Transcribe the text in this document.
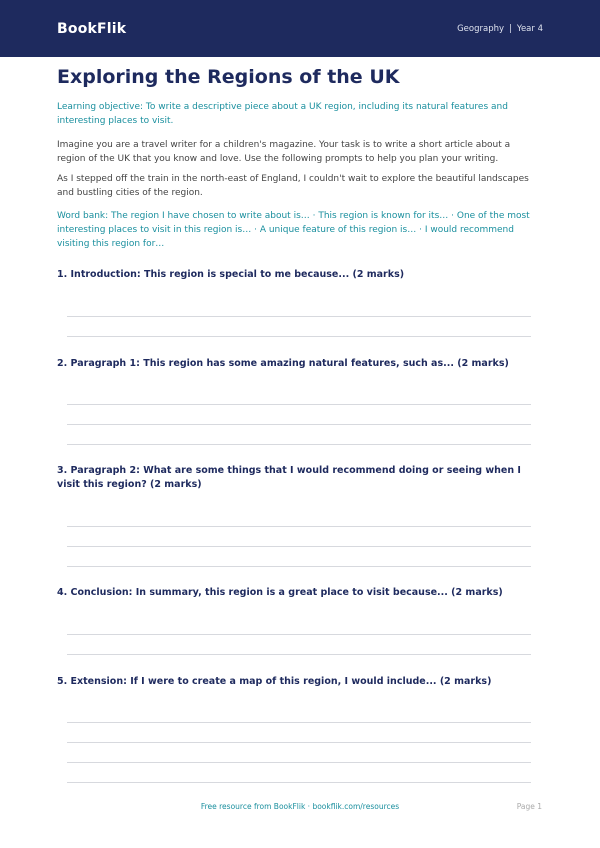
BookFlik	Geography | Year 4
Exploring the Regions of the UK

Learning objective: To write a descriptive piece about a UK region, including its natural features and interesting places to visit.

Imagine you are a travel writer for a children's magazine. Your task is to write a short article about a region of the UK that you know and love. Use the following prompts to help you plan your writing.

As I stepped off the train in the north-east of England, I couldn't wait to explore the beautiful landscapes and bustling cities of the region.

Word bank: The region I have chosen to write about is… · This region is known for its… · One of the most interesting places to visit in this region is… · A unique feature of this region is… · I would recommend visiting this region for…

1. Introduction: This region is special to me because... (2 marks)
2. Paragraph 1: This region has some amazing natural features, such as... (2 marks)
3. Paragraph 2: What are some things that I would recommend doing or seeing when I visit this region? (2 marks)
4. Conclusion: In summary, this region is a great place to visit because... (2 marks)
5. Extension: If I were to create a map of this region, I would include... (2 marks)
Free resource from BookFlik · bookflik.com/resources	Page 1
